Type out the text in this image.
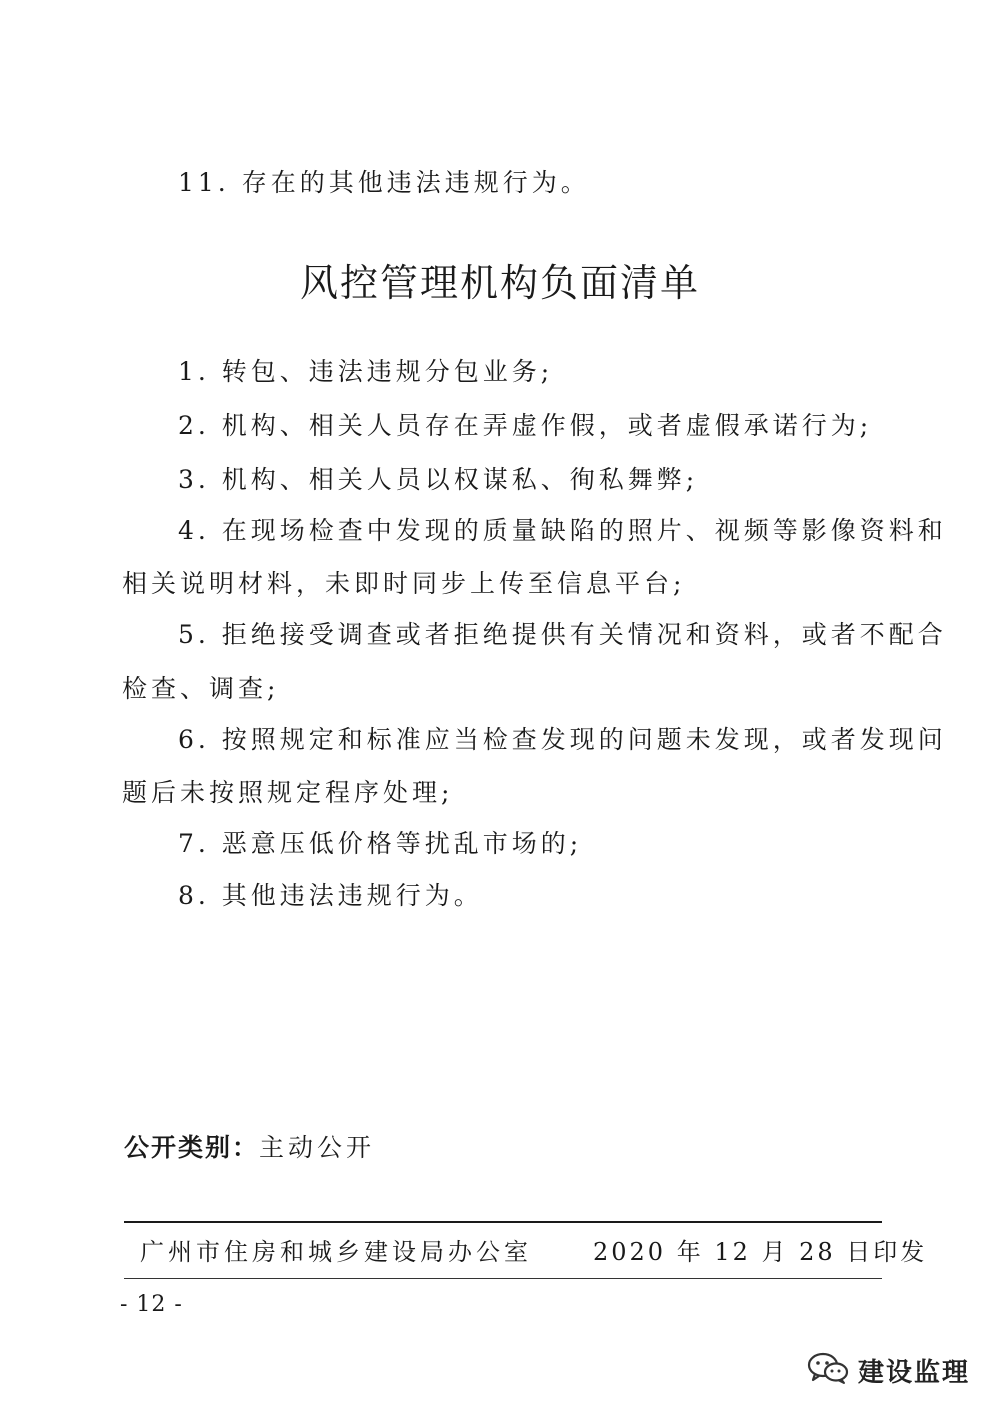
11. 存在的其他违法违规行为。
风控管理机构负面清单
1. 转包、违法违规分包业务;
2. 机构、相关人员存在弄虚作假，或者虚假承诺行为;
3. 机构、相关人员以权谋私、徇私舞弊;
4. 在现场检查中发现的质量缺陷的照片、视频等影像资料和
相关说明材料，未即时同步上传至信息平台;
5. 拒绝接受调查或者拒绝提供有关情况和资料，或者不配合
检查、调查;
6. 按照规定和标准应当检查发现的问题未发现，或者发现问
题后未按照规定程序处理;
7. 恶意压低价格等扰乱市场的;
8. 其他违法违规行为。
公开类别：主动公开
广州市住房和城乡建设局办公室	2020 年 12 月 28 日印发
- 12 -
建设监理
